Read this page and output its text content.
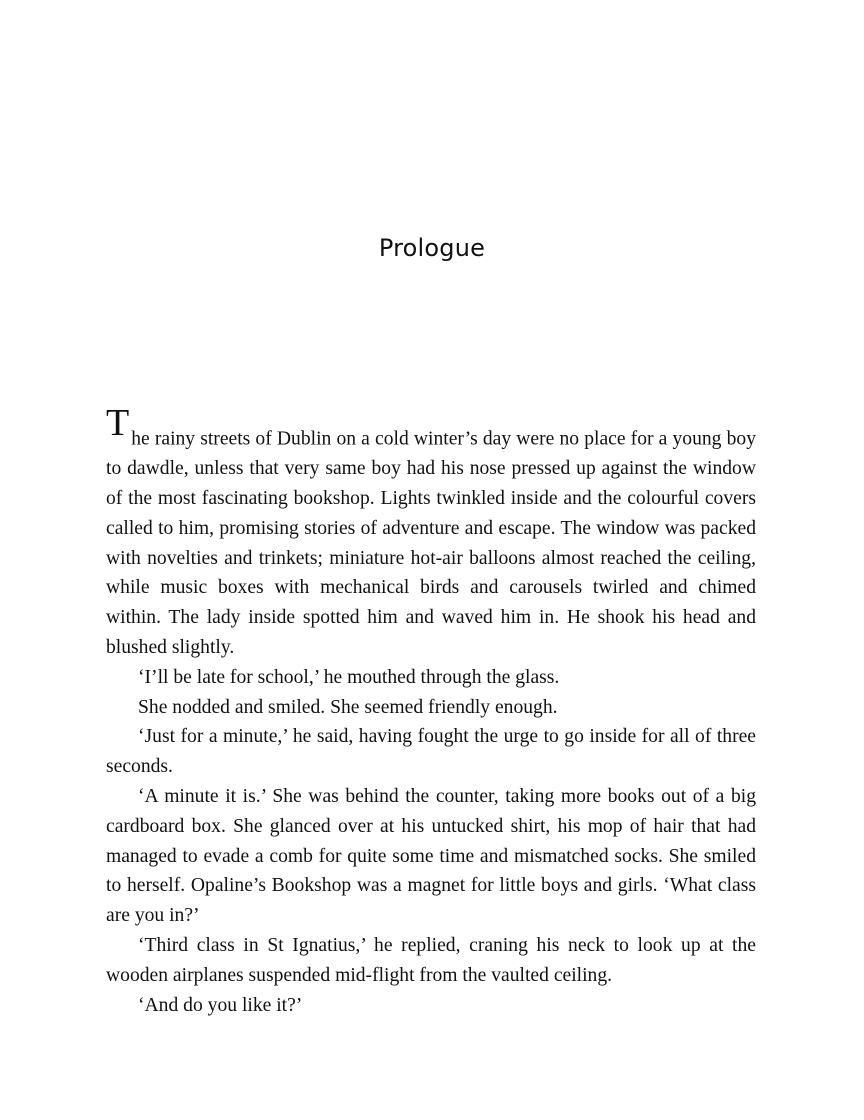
Prologue

The rainy streets of Dublin on a cold winter’s day were no place for a young boy to dawdle, unless that very same boy had his nose pressed up against the window of the most fascinating bookshop. Lights twinkled inside and the colourful covers called to him, promising stories of adventure and escape. The window was packed with novelties and trinkets; miniature hot-air balloons almost reached the ceiling, while music boxes with mechanical birds and carousels twirled and chimed within. The lady inside spotted him and waved him in. He shook his head and blushed slightly.

‘I’ll be late for school,’ he mouthed through the glass.

She nodded and smiled. She seemed friendly enough.

‘Just for a minute,’ he said, having fought the urge to go inside for all of three seconds.

‘A minute it is.’ She was behind the counter, taking more books out of a big cardboard box. She glanced over at his untucked shirt, his mop of hair that had managed to evade a comb for quite some time and mismatched socks. She smiled to herself. Opaline’s Bookshop was a magnet for little boys and girls. ‘What class are you in?’

‘Third class in St Ignatius,’ he replied, craning his neck to look up at the wooden airplanes suspended mid-flight from the vaulted ceiling.

‘And do you like it?’
